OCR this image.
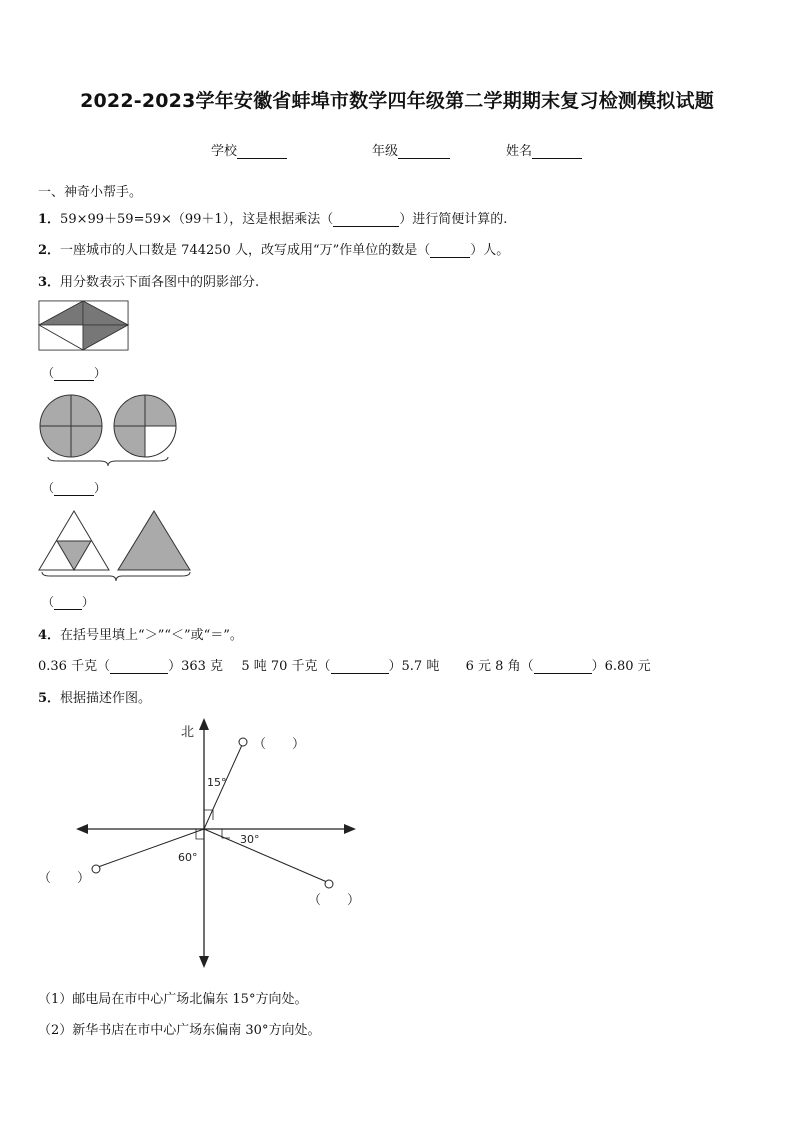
2022-2023学年安徽省蚌埠市数学四年级第二学期期末复习检测模拟试题
学校	年级	姓名
一、神奇小帮手。
1．59×99＋59=59×（99＋1），这是根据乘法（	）进行简便计算的.
2．一座城市的人口数是 744250 人，改写成用“万”作单位的数是（	）人。
3．用分数表示下面各图中的阴影部分.
（	）
（	）
（ ）
4．在括号里填上“＞”“＜”或“＝”。
0.36 千克（	）363 克 5 吨 70 千克（	）5.7 吨 6 元 8 角（	）6.80 元
5．根据描述作图。
北
15°
30°
60°
（　　）
（　　）
（　　）
（1）邮电局在市中心广场北偏东 15°方向处。
（2）新华书店在市中心广场东偏南 30°方向处。
